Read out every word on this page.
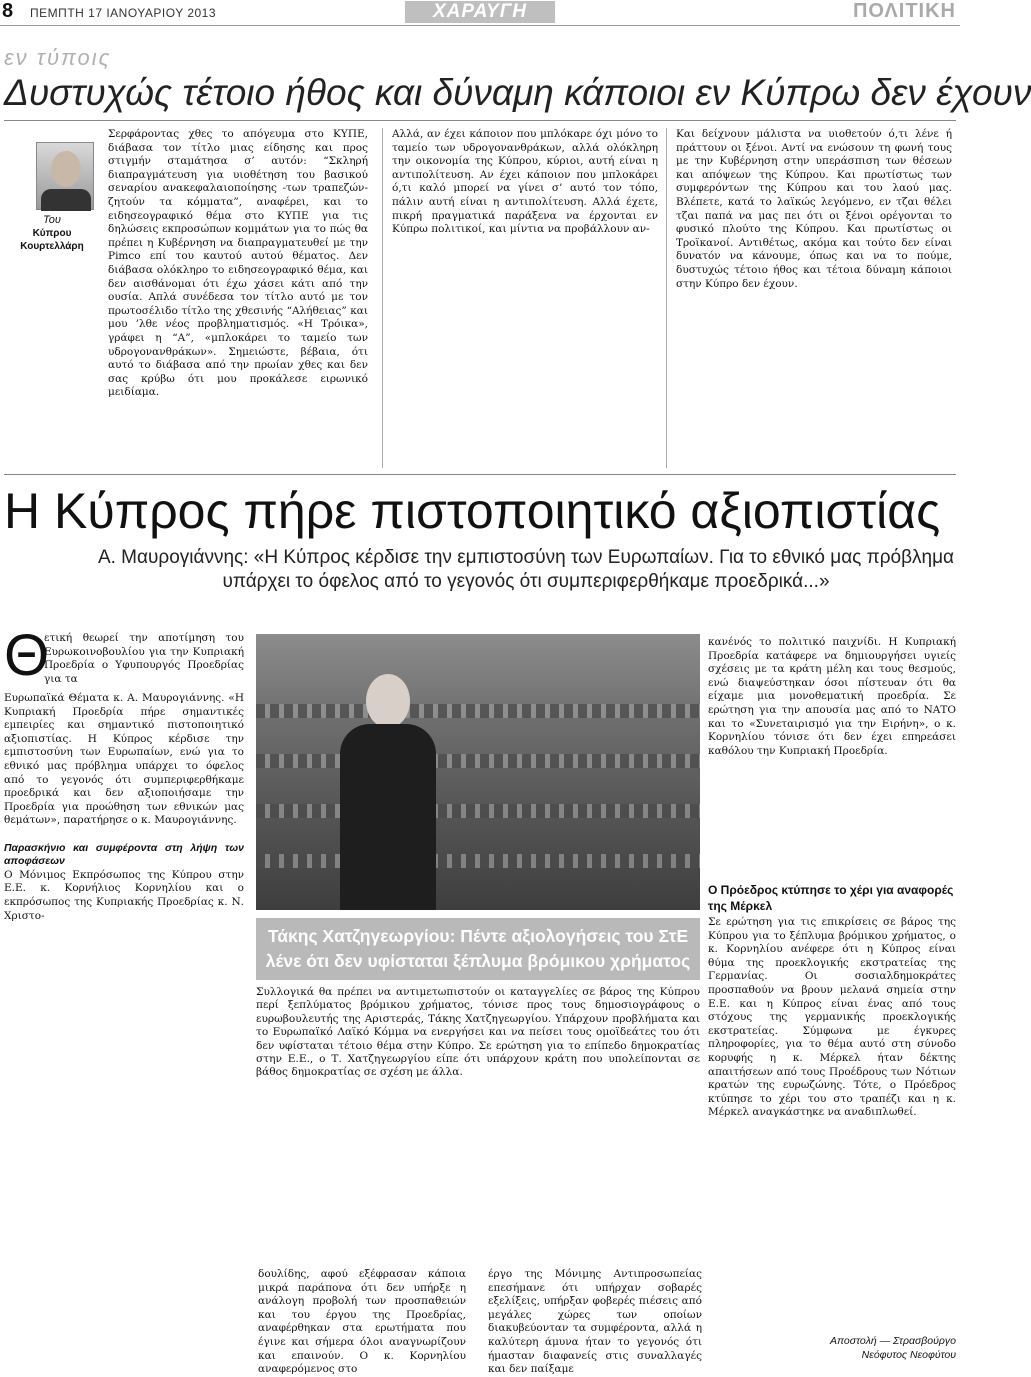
8 ΠΕΜΠΤΗ 17 ΙΑΝΟΥΑΡΙΟΥ 2013	ΧΑΡΑΥΓΗ	ΠΟΛΙΤΙΚΗ
εν τύποις
Δυστυχώς τέτοιο ήθος και δύναμη κάποιοι εν Κύπρω δεν έχουν
Του
Κύπρου Κουρτελλάρη
Σερφάροντας χθες το απόγευμα στο ΚΥΠΕ, διάβασα τον τίτλο μιας είδησης και προς στιγμήν σταμάτησα σ’ αυτόν: “Σκληρή διαπραγμάτευση για υιοθέτηση του βασικού σεναρίου ανακεφαλαιοποίησης -των τραπεζών- ζητούν τα κόμματα”, αναφέρει, και το ειδησεογραφικό θέμα στο ΚΥΠΕ για τις δηλώσεις εκπροσώπων κομμάτων για το πώς θα πρέπει η Κυβέρνηση να διαπραγματευθεί με την Pimco επί του καυτού αυτού θέματος. Δεν διάβασα ολόκληρο το ειδησεογραφικό θέμα, και δεν αισθάνομαι ότι έχω χάσει κάτι από την ουσία. Απλά συνέδεσα τον τίτλο αυτό με τον πρωτοσέλιδο τίτλο της χθεσινής “Αλήθειας” και μου ’λθε νέος προβληματισμός. «Η Τρόικα», γράφει η “Α”, «μπλοκάρει το ταμείο των υδρογονανθράκων». Σημειώστε, βέβαια, ότι αυτό το διάβασα από την πρωίαν χθες και δεν σας κρύβω ότι μου προκάλεσε ειρωνικό μειδίαμα.
Αλλά, αν έχει κάποιον που μπλόκαρε όχι μόνο το ταμείο των υδρογονανθράκων, αλλά ολόκληρη την οικονομία της Κύπρου, κύριοι, αυτή είναι η αντιπολίτευση. Αν έχει κάποιον που μπλοκάρει ό,τι καλό μπορεί να γίνει σ’ αυτό τον τόπο, πάλιν αυτή είναι η αντιπολίτευση. Αλλά έχετε, πικρή πραγματικά παράξενα να έρχονται εν Κύπρω πολιτικοί, και μίντια να προβάλλουν αν-
Και δείχνουν μάλιστα να υιοθετούν ό,τι λένε ή πράττουν οι ξένοι. Αντί να ενώσουν τη φωνή τους με την Κυβέρνηση στην υπεράσπιση των θέσεων και απόψεων της Κύπρου. Και πρωτίστως των συμφερόντων της Κύπρου και του λαού μας. Βλέπετε, κατά το λαϊκώς λεγόμενο, εν τζαι θέλει τζαι παπά να μας πει ότι οι ξένοι ορέγονται το φυσικό πλούτο της Κύπρου. Και πρωτίστως οι Τροϊκανοί. Αντιθέτως, ακόμα και τούτο δεν είναι δυνατόν να κάνουμε, όπως και να το πούμε, δυστυχώς τέτοιο ήθος και τέτοια δύναμη κάποιοι στην Κύπρο δεν έχουν.
Η Κύπρος πήρε πιστοποιητικό αξιοπιστίας
Α. Μαυρογιάννης: «Η Κύπρος κέρδισε την εμπιστοσύνη των Ευρωπαίων. Για το εθνικό μας πρόβλημα υπάρχει το όφελος από το γεγονός ότι συμπεριφερθήκαμε προεδρικά...»
Θ
ετική θεωρεί την αποτίμηση του Ευρωκοινοβουλίου για την Κυπριακή Προεδρία ο Υφυπουργός Προεδρίας για τα
Ευρωπαϊκά Θέματα κ. Α. Μαυρογιάννης. «Η Κυπριακή Προεδρία πήρε σημαντικές εμπειρίες και σημαντικό πιστοποιητικό αξιοπιστίας. Η Κύπρος κέρδισε την εμπιστοσύνη των Ευρωπαίων, ενώ για το εθνικό μας πρόβλημα υπάρχει το όφελος από το γεγονός ότι συμπεριφερθήκαμε προεδρικά και δεν αξιοποιήσαμε την Προεδρία για προώθηση των εθνικών μας θεμάτων», παρατήρησε ο κ. Μαυρογιάννης.

Παρασκήνιο και συμφέροντα στη λήψη των αποφάσεων
Ο Μόνιμος Εκπρόσωπος της Κύπρου στην Ε.Ε. κ. Κορνήλιος Κορνηλίου και ο εκπρόσωπος της Κυπριακής Προεδρίας κ. Ν. Χριστο-
Τάκης Χατζηγεωργίου: Πέντε αξιολογήσεις του ΣτΕ
λένε ότι δεν υφίσταται ξέπλυμα βρόμικου χρήματος
Συλλογικά θα πρέπει να αντιμετωπιστούν οι καταγγελίες σε βάρος της Κύπρου περί ξεπλύματος βρόμικου χρήματος, τόνισε προς τους δημοσιογράφους ο ευρωβουλευτής της Αριστεράς, Τάκης Χατζηγεωργίου. Υπάρχουν προβλήματα και το Ευρωπαϊκό Λαϊκό Κόμμα να ενεργήσει και να πείσει τους ομοϊδεάτες του ότι δεν υφίσταται τέτοιο θέμα στην Κύπρο. Σε ερώτηση για το επίπεδο δημοκρατίας στην Ε.Ε., ο Τ. Χατζηγεωργίου είπε ότι υπάρχουν κράτη που υπολείπονται σε βάθος δημοκρατίας σε σχέση με άλλα.
δουλίδης, αφού εξέφρασαν κάποια μικρά παράπονα ότι δεν υπήρξε η ανάλογη προβολή των προσπαθειών και του έργου της Προεδρίας, αναφέρθηκαν στα ερωτήματα που έγινε και σήμερα όλοι αναγνωρίζουν και επαινούν. Ο κ. Κορνηλίου αναφερόμενος στο
έργο της Μόνιμης Αντιπροσωπείας επεσήμανε ότι υπήρχαν σοβαρές εξελίξεις, υπήρξαν φοβερές πιέσεις από μεγάλες χώρες των οποίων διακυβεύονταν τα συμφέροντα, αλλά η καλύτερη άμυνα ήταν το γεγονός ότι ήμασταν διαφανείς στις συναλλαγές και δεν παίξαμε
κανένός το πολιτικό παιχνίδι. Η Κυπριακή Προεδρία κατάφερε να δημιουργήσει υγιείς σχέσεις με τα κράτη μέλη και τους θεσμούς, ενώ διαψεύστηκαν όσοι πίστευαν ότι θα είχαμε μια μονοθεματική προεδρία. Σε ερώτηση για την απουσία μας από το ΝΑΤΟ και το «Συνεταιρισμό για την Ειρήνη», ο κ. Κορνηλίου τόνισε ότι δεν έχει επηρεάσει καθόλου την Κυπριακή Προεδρία.
Ο Πρόεδρος κτύπησε το χέρι για αναφορές της Μέρκελ
Σε ερώτηση για τις επικρίσεις σε βάρος της Κύπρου για το ξέπλυμα βρόμικου χρήματος, ο κ. Κορνηλίου ανέφερε ότι η Κύπρος είναι θύμα της προεκλογικής εκστρατείας της Γερμανίας. Οι σοσιαλδημοκράτες προσπαθούν να βρουν μελανά σημεία στην Ε.Ε. και η Κύπρος είναι ένας από τους στόχους της γερμανικής προεκλογικής εκστρατείας. Σύμφωνα με έγκυρες πληροφορίες, για το θέμα αυτό στη σύνοδο κορυφής η κ. Μέρκελ ήταν δέκτης απαιτήσεων από τους Προέδρους των Νότιων κρατών της ευρωζώνης. Τότε, ο Πρόεδρος κτύπησε το χέρι του στο τραπέζι και η κ. Μέρκελ αναγκάστηκε να αναδιπλωθεί.
Αποστολή — Στρασβούργο
Νεόφυτος Νεοφύτου
